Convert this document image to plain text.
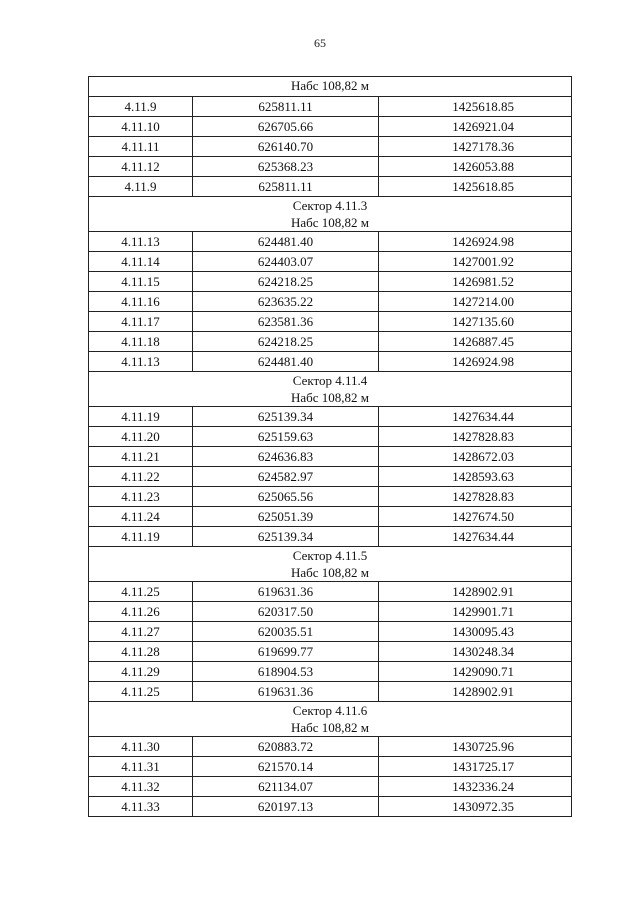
65
Набс 108,82 м		

4.11.9	625811.11	1425618.85
4.11.10	626705.66	1426921.04
4.11.11	626140.70	1427178.36
4.11.12	625368.23	1426053.88
4.11.9	625811.11	1425618.85

Сектор 4.11.3
Набс 108,82 м		

4.11.13	624481.40	1426924.98
4.11.14	624403.07	1427001.92
4.11.15	624218.25	1426981.52
4.11.16	623635.22	1427214.00
4.11.17	623581.36	1427135.60
4.11.18	624218.25	1426887.45
4.11.13	624481.40	1426924.98

Сектор 4.11.4
Набс 108,82 м		

4.11.19	625139.34	1427634.44
4.11.20	625159.63	1427828.83
4.11.21	624636.83	1428672.03
4.11.22	624582.97	1428593.63
4.11.23	625065.56	1427828.83
4.11.24	625051.39	1427674.50
4.11.19	625139.34	1427634.44

Сектор 4.11.5
Набс 108,82 м		

4.11.25	619631.36	1428902.91
4.11.26	620317.50	1429901.71
4.11.27	620035.51	1430095.43
4.11.28	619699.77	1430248.34
4.11.29	618904.53	1429090.71
4.11.25	619631.36	1428902.91

Сектор 4.11.6
Набс 108,82 м		

4.11.30	620883.72	1430725.96
4.11.31	621570.14	1431725.17
4.11.32	621134.07	1432336.24
4.11.33	620197.13	1430972.35
